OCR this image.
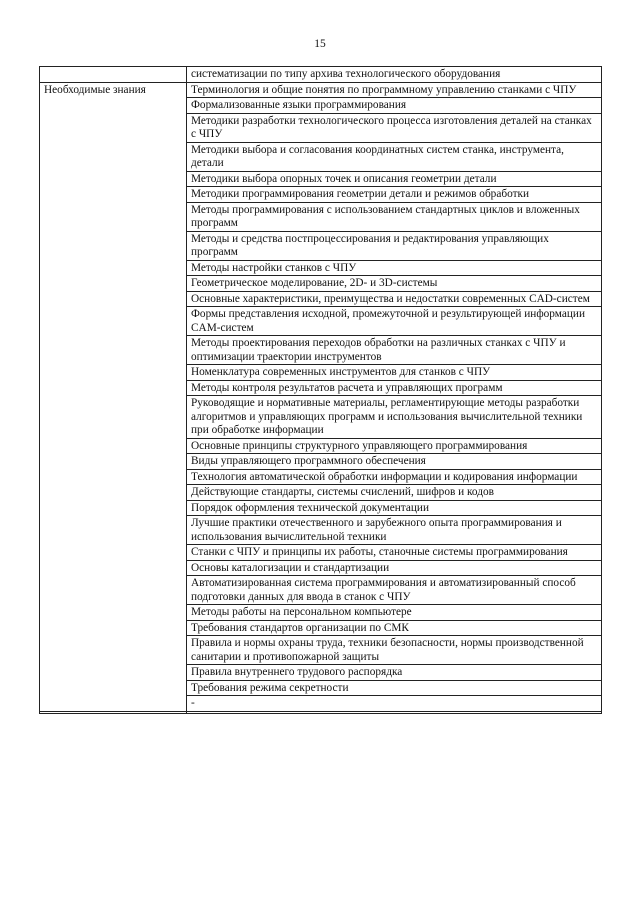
15
	систематизации по типу архива технологического оборудования
Необходимые знания	Терминология и общие понятия по программному управлению станками с ЧПУ
	Формализованные языки программирования
	Методики разработки технологического процесса изготовления деталей на станках с ЧПУ
	Методики выбора и согласования координатных систем станка, инструмента, детали
	Методики выбора опорных точек и описания геометрии детали
	Методики программирования геометрии детали и режимов обработки
	Методы программирования с использованием стандартных циклов и вложенных программ
	Методы и средства постпроцессирования и редактирования управляющих программ
	Методы настройки станков с ЧПУ
	Геометрическое моделирование, 2D- и 3D-системы
	Основные характеристики, преимущества и недостатки современных CAD-систем
	Формы представления исходной, промежуточной и результирующей информации CAM-систем
	Методы проектирования переходов обработки на различных станках с ЧПУ и оптимизации траектории инструментов
	Номенклатура современных инструментов для станков с ЧПУ
	Методы контроля результатов расчета и управляющих программ
	Руководящие и нормативные материалы, регламентирующие методы разработки алгоритмов и управляющих программ и использования вычислительной техники при обработке информации
	Основные принципы структурного управляющего программирования
	Виды управляющего программного обеспечения
	Технология автоматической обработки информации и кодирования информации
	Действующие стандарты, системы счислений, шифров и кодов
	Порядок оформления технической документации
	Лучшие практики отечественного и зарубежного опыта программирования и использования вычислительной техники
	Станки с ЧПУ и принципы их работы, станочные системы программирования
	Основы каталогизации и стандартизации
	Автоматизированная система программирования и автоматизированный способ подготовки данных для ввода в станок с ЧПУ
	Методы работы на персональном компьютере
	Требования стандартов организации по СМК
	Правила и нормы охраны труда, техники безопасности, нормы производственной санитарии и противопожарной защиты
	Правила внутреннего трудового распорядка
	Требования режима секретности
	-
